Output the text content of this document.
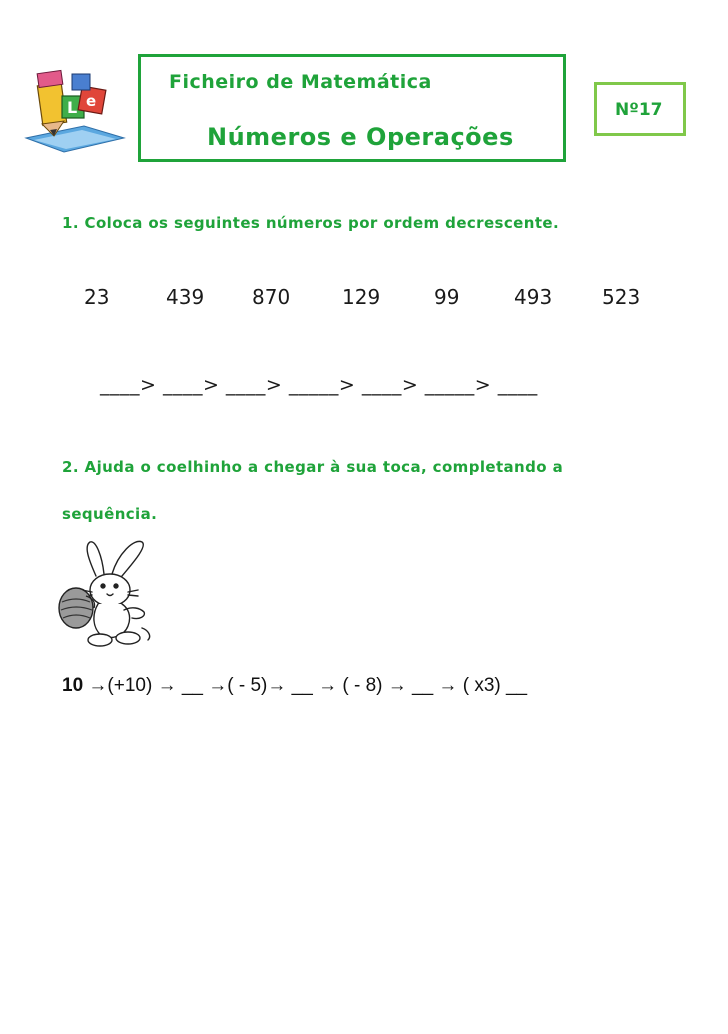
L e
Ficheiro de Matemática
Números e Operações
Nº17
1. Coloca os seguintes números por ordem decrescente.
23	439 870	129	99	493 523
____> ____> ____> _____> ____> _____> ____
2. Ajuda o coelhinho a chegar à sua toca, completando a
sequência.
10 →(+10) → __ →( - 5)→ __ → ( - 8) → __ → ( x3) __
